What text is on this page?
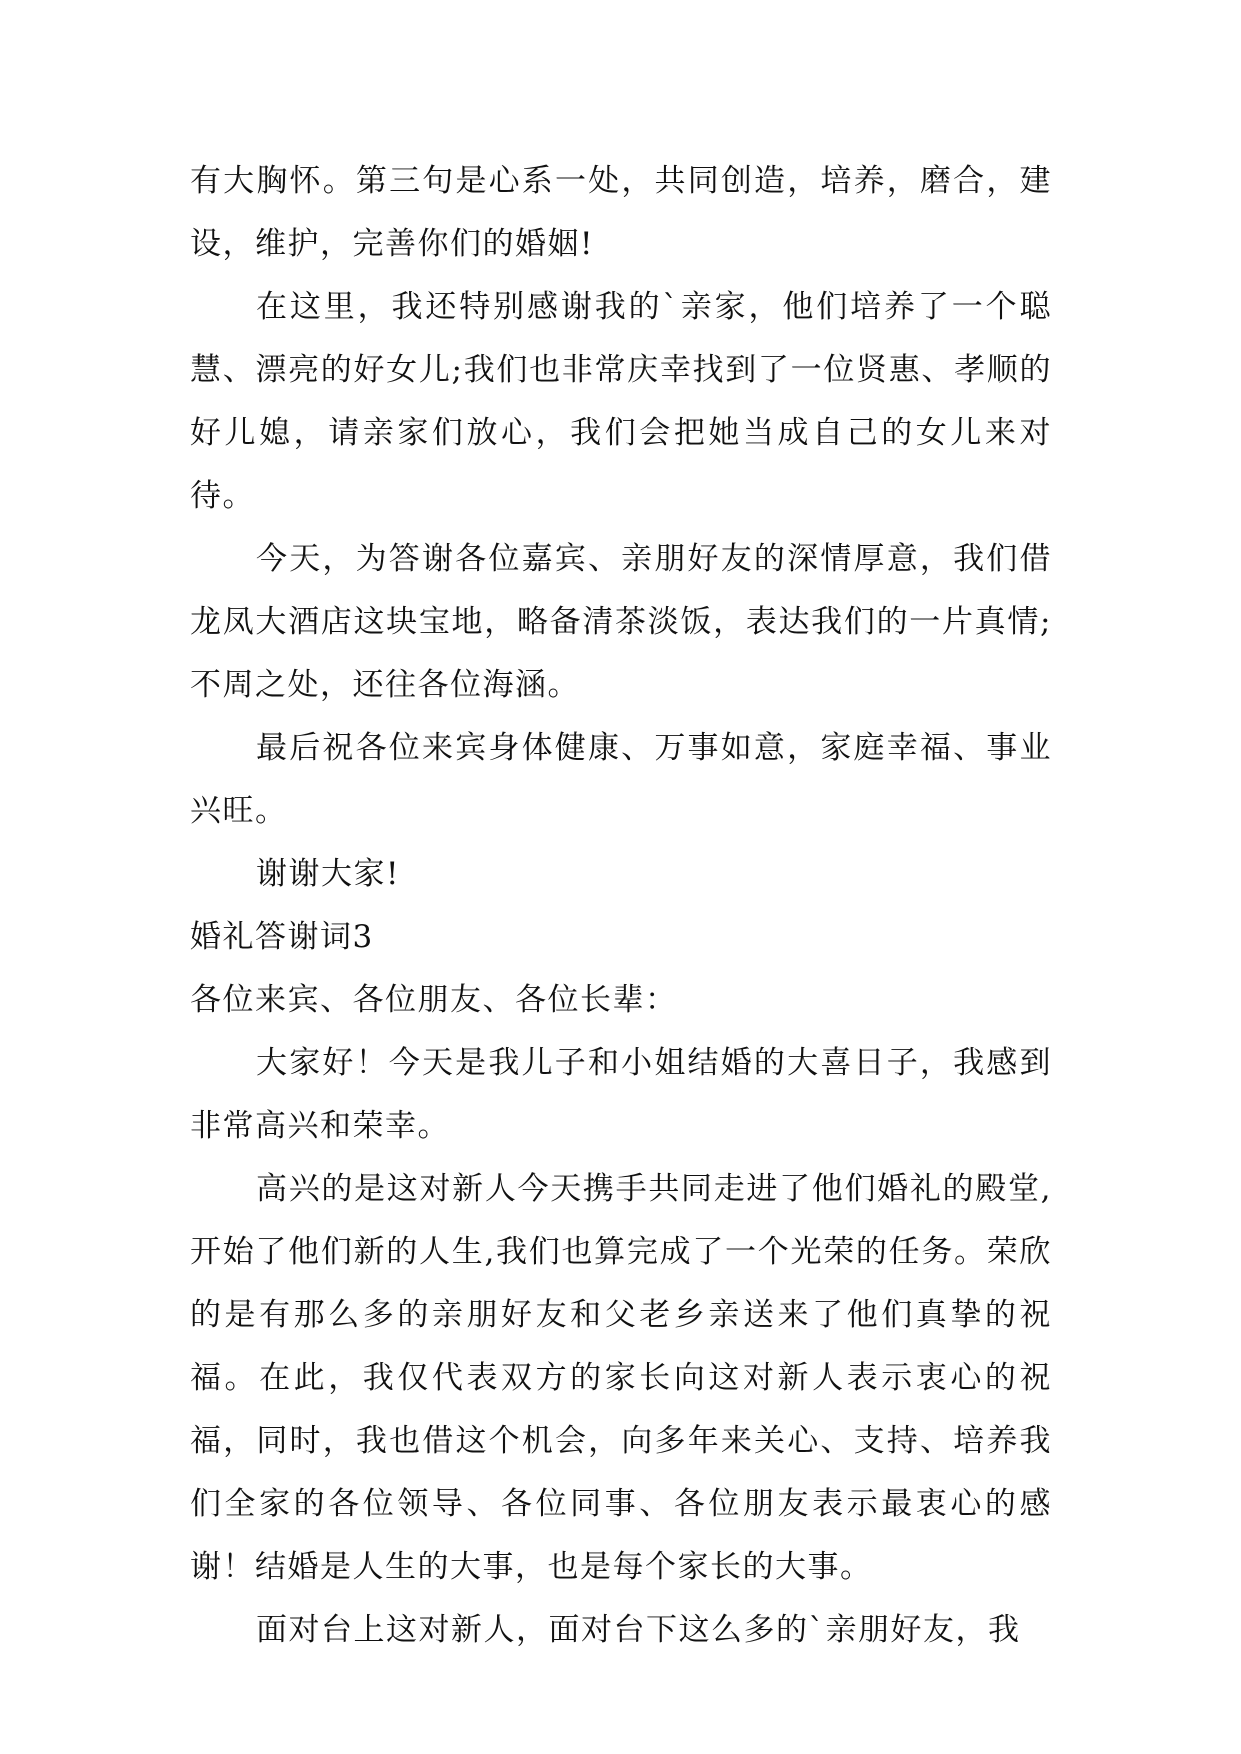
有大胸怀。第三句是心系一处，共同创造，培养，磨合，建设，维护，完善你们的婚姻!

在这里，我还特别感谢我的`亲家，他们培养了一个聪慧、漂亮的好女儿;我们也非常庆幸找到了一位贤惠、孝顺的好儿媳，请亲家们放心，我们会把她当成自己的女儿来对待。

今天，为答谢各位嘉宾、亲朋好友的深情厚意，我们借龙凤大酒店这块宝地，略备清茶淡饭，表达我们的一片真情;不周之处，还往各位海涵。

最后祝各位来宾身体健康、万事如意，家庭幸福、事业兴旺。

谢谢大家!

婚礼答谢词3

各位来宾、各位朋友、各位长辈：

大家好！今天是我儿子和小姐结婚的大喜日子，我感到非常高兴和荣幸。

高兴的是这对新人今天携手共同走进了他们婚礼的殿堂,开始了他们新的人生,我们也算完成了一个光荣的任务。荣欣的是有那么多的亲朋好友和父老乡亲送来了他们真挚的祝福。在此，我仅代表双方的家长向这对新人表示衷心的祝福，同时，我也借这个机会，向多年来关心、支持、培养我们全家的各位领导、各位同事、各位朋友表示最衷心的感谢！结婚是人生的大事，也是每个家长的大事。

面对台上这对新人，面对台下这么多的`亲朋好友，我
